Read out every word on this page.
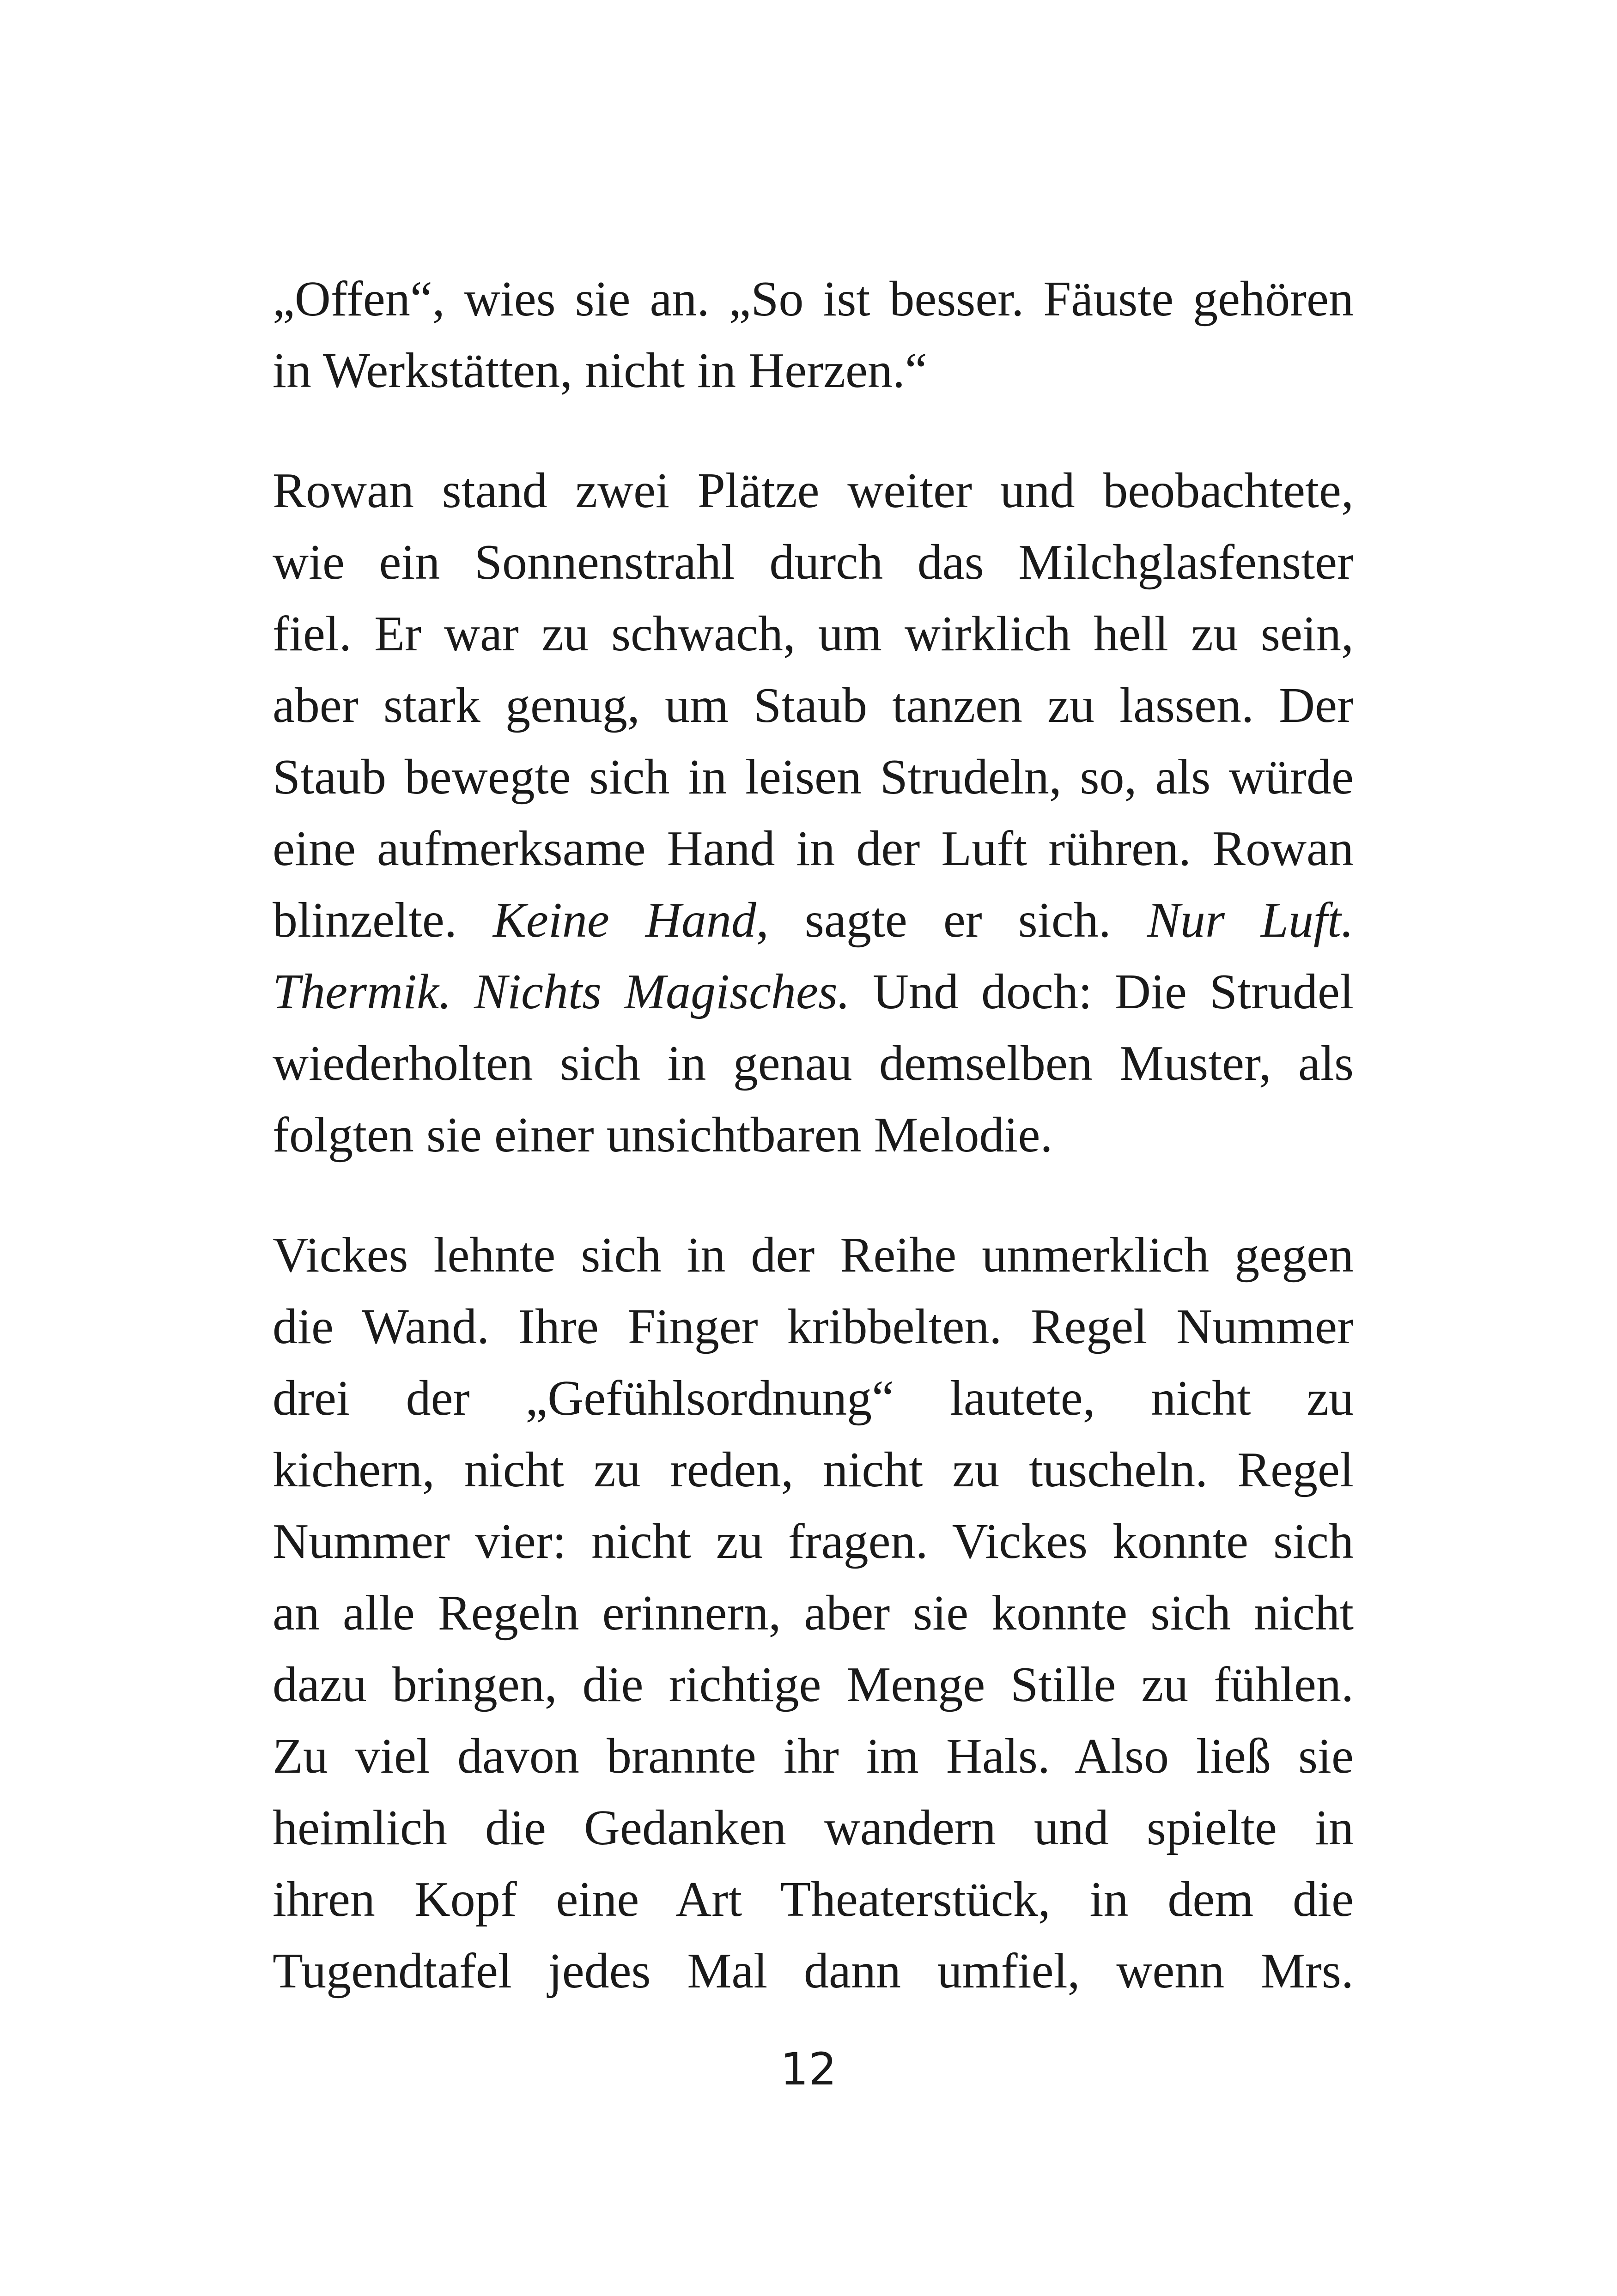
„Offen“, wies sie an. „So ist besser. Fäuste gehören
in Werkstätten, nicht in Herzen.“

Rowan stand zwei Plätze weiter und beobachtete,
wie ein Sonnenstrahl durch das Milchglasfenster
fiel. Er war zu schwach, um wirklich hell zu sein,
aber stark genug, um Staub tanzen zu lassen. Der
Staub bewegte sich in leisen Strudeln, so, als würde
eine aufmerksame Hand in der Luft rühren. Rowan
blinzelte. Keine Hand, sagte er sich. Nur Luft.
Thermik. Nichts Magisches. Und doch: Die Strudel
wiederholten sich in genau demselben Muster, als
folgten sie einer unsichtbaren Melodie.

Vickes lehnte sich in der Reihe unmerklich gegen
die Wand. Ihre Finger kribbelten. Regel Nummer
drei der „Gefühlsordnung“ lautete, nicht zu
kichern, nicht zu reden, nicht zu tuscheln. Regel
Nummer vier: nicht zu fragen. Vickes konnte sich
an alle Regeln erinnern, aber sie konnte sich nicht
dazu bringen, die richtige Menge Stille zu fühlen.
Zu viel davon brannte ihr im Hals. Also ließ sie
heimlich die Gedanken wandern und spielte in
ihren Kopf eine Art Theaterstück, in dem die
Tugendtafel jedes Mal dann umfiel, wenn Mrs.

12
